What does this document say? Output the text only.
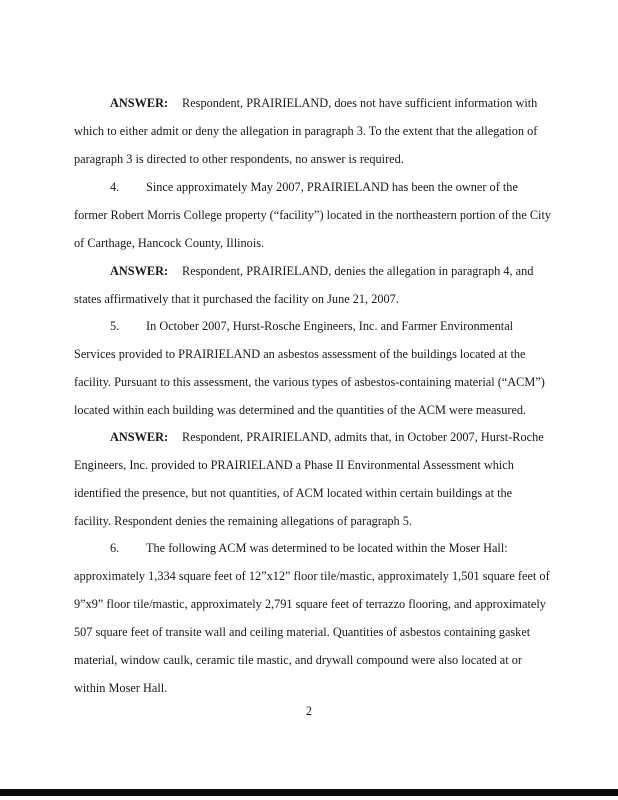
ANSWER: Respondent, PRAIRIELAND, does not have sufficient information with
which to either admit or deny the allegation in paragraph 3. To the extent that the allegation of
paragraph 3 is directed to other respondents, no answer is required.
4. Since approximately May 2007, PRAIRIELAND has been the owner of the
former Robert Morris College property (“facility”) located in the northeastern portion of the City
of Carthage, Hancock County, Illinois.
ANSWER: Respondent, PRAIRIELAND, denies the allegation in paragraph 4, and
states affirmatively that it purchased the facility on June 21, 2007.
5. In October 2007, Hurst-Rosche Engineers, Inc. and Farmer Environmental
Services provided to PRAIRIELAND an asbestos assessment of the buildings located at the
facility. Pursuant to this assessment, the various types of asbestos-containing material (“ACM”)
located within each building was determined and the quantities of the ACM were measured.
ANSWER: Respondent, PRAIRIELAND, admits that, in October 2007, Hurst-Roche
Engineers, Inc. provided to PRAIRIELAND a Phase II Environmental Assessment which
identified the presence, but not quantities, of ACM located within certain buildings at the
facility. Respondent denies the remaining allegations of paragraph 5.
6. The following ACM was determined to be located within the Moser Hall:
approximately 1,334 square feet of 12”x12” floor tile/mastic, approximately 1,501 square feet of
9”x9” floor tile/mastic, approximately 2,791 square feet of terrazzo flooring, and approximately
507 square feet of transite wall and ceiling material. Quantities of asbestos containing gasket
material, window caulk, ceramic tile mastic, and drywall compound were also located at or
within Moser Hall.
2
